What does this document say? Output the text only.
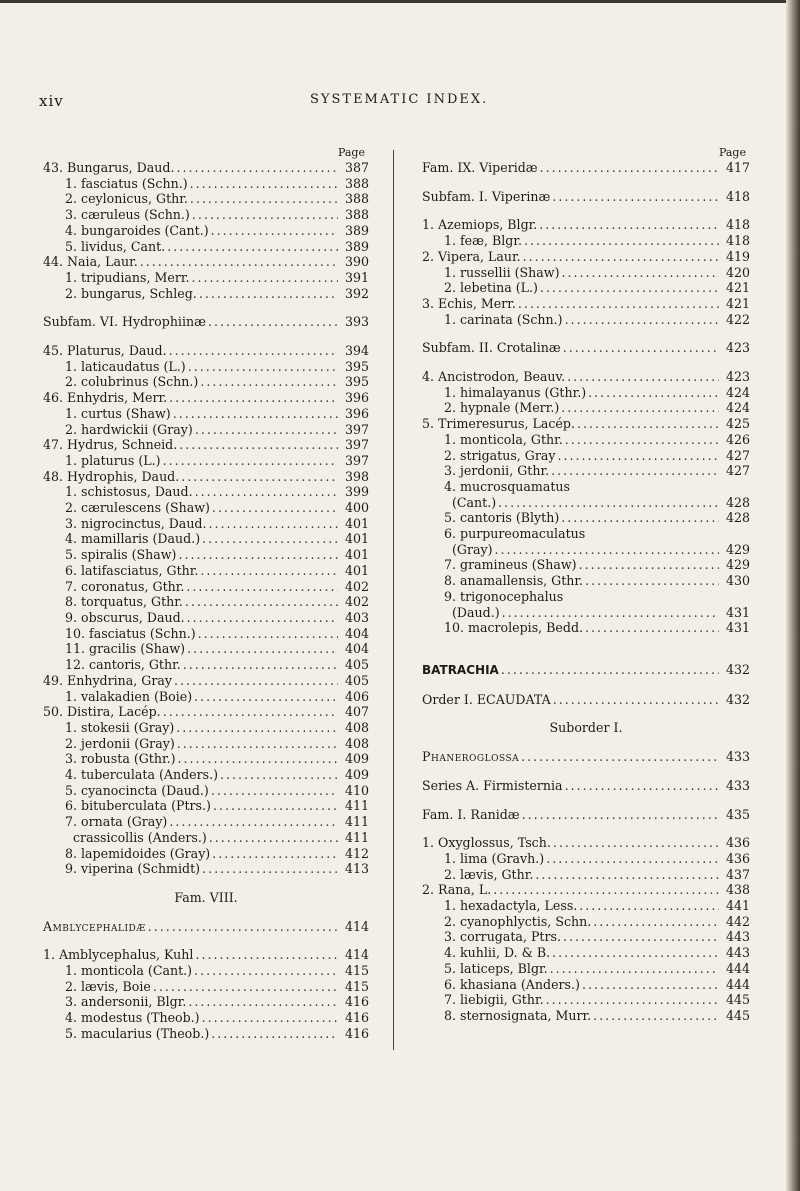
xiv	SYSTEMATIC INDEX.
Page
43. Bungarus, Daud. .....	387
1. fasciatus (Schn.) .....	388
2. ceylonicus, Gthr. .....	388
3. cæruleus (Schn.) .....	388
4. bungaroides (Cant.) .....	389
5. lividus, Cant. .....	389
44. Naia, Laur. .....	390
1. tripudians, Merr. .....	391
2. bungarus, Schleg. .....	392
Subfam. VI. Hydrophiinæ .....	393
45. Platurus, Daud. .....	394
1. laticaudatus (L.) .....	395
2. colubrinus (Schn.) .....	395
46. Enhydris, Merr. .....	396
1. curtus (Shaw) .....	396
2. hardwickii (Gray) .....	397
47. Hydrus, Schneid. .....	397
1. platurus (L.) .....	397
48. Hydrophis, Daud. .....	398
1. schistosus, Daud. .....	399
2. cærulescens (Shaw) .....	400
3. nigrocinctus, Daud. .....	401
4. mamillaris (Daud.) .....	401
5. spiralis (Shaw) .....	401
6. latifasciatus, Gthr. .....	401
7. coronatus, Gthr. .....	402
8. torquatus, Gthr. .....	402
9. obscurus, Daud. .....	403
10. fasciatus (Schn.) .....	404
11. gracilis (Shaw) .....	404
12. cantoris, Gthr. .....	405
49. Enhydrina, Gray .....	405
1. valakadien (Boie) .....	406
50. Distira, Lacép. .....	407
1. stokesii (Gray) .....	408
2. jerdonii (Gray) .....	408
3. robusta (Gthr.) .....	409
4. tuberculata (Anders.) .....	409
5. cyanocincta (Daud.) .....	410
6. bituberculata (Ptrs.) .....	411
7. ornata (Gray) .....	411
crassicollis (Anders.) .....	411
8. lapemidoides (Gray) .....	412
9. viperina (Schmidt) .....	413
Fam. VIII.
Amblycephalidæ .....	414
1. Amblycephalus, Kuhl .....	414
1. monticola (Cant.) .....	415
2. lævis, Boie .....	415
3. andersonii, Blgr. .....	416
4. modestus (Theob.) .....	416
5. macularius (Theob.) .....	416
Page
Fam. IX. Viperidæ .....	417
Subfam. I. Viperinæ .....	418
1. Azemiops, Blgr. .....	418
1. feæ, Blgr. .....	418
2. Vipera, Laur. .....	419
1. russellii (Shaw) .....	420
2. lebetina (L.) .....	421
3. Echis, Merr. .....	421
1. carinata (Schn.) .....	422
Subfam. II. Crotalinæ .....	423
4. Ancistrodon, Beauv. .....	423
1. himalayanus (Gthr.) .....	424
2. hypnale (Merr.) .....	424
5. Trimeresurus, Lacép. .....	425
1. monticola, Gthr. .....	426
2. strigatus, Gray .....	427
3. jerdonii, Gthr. .....	427
4. mucrosquamatus
(Cant.) .....	428
5. cantoris (Blyth) .....	428
6. purpureomaculatus
(Gray) .....	429
7. gramineus (Shaw) .....	429
8. anamallensis, Gthr. .....	430
9. trigonocephalus
(Daud.) .....	431
10. macrolepis, Bedd. .....	431
BATRACHIA .....	432
Order I. ECAUDATA .....	432
Suborder I.
Phaneroglossa .....	433
Series A. Firmisternia .....	433
Fam. I. Ranidæ .....	435
1. Oxyglossus, Tsch. .....	436
1. lima (Gravh.) .....	436
2. lævis, Gthr. .....	437
2. Rana, L. .....	438
1. hexadactyla, Less. .....	441
2. cyanophlyctis, Schn. .....	442
3. corrugata, Ptrs. .....	443
4. kuhlii, D. & B. .....	443
5. laticeps, Blgr. .....	444
6. khasiana (Anders.) .....	444
7. liebigii, Gthr. .....	445
8. sternosignata, Murr. .....	445
